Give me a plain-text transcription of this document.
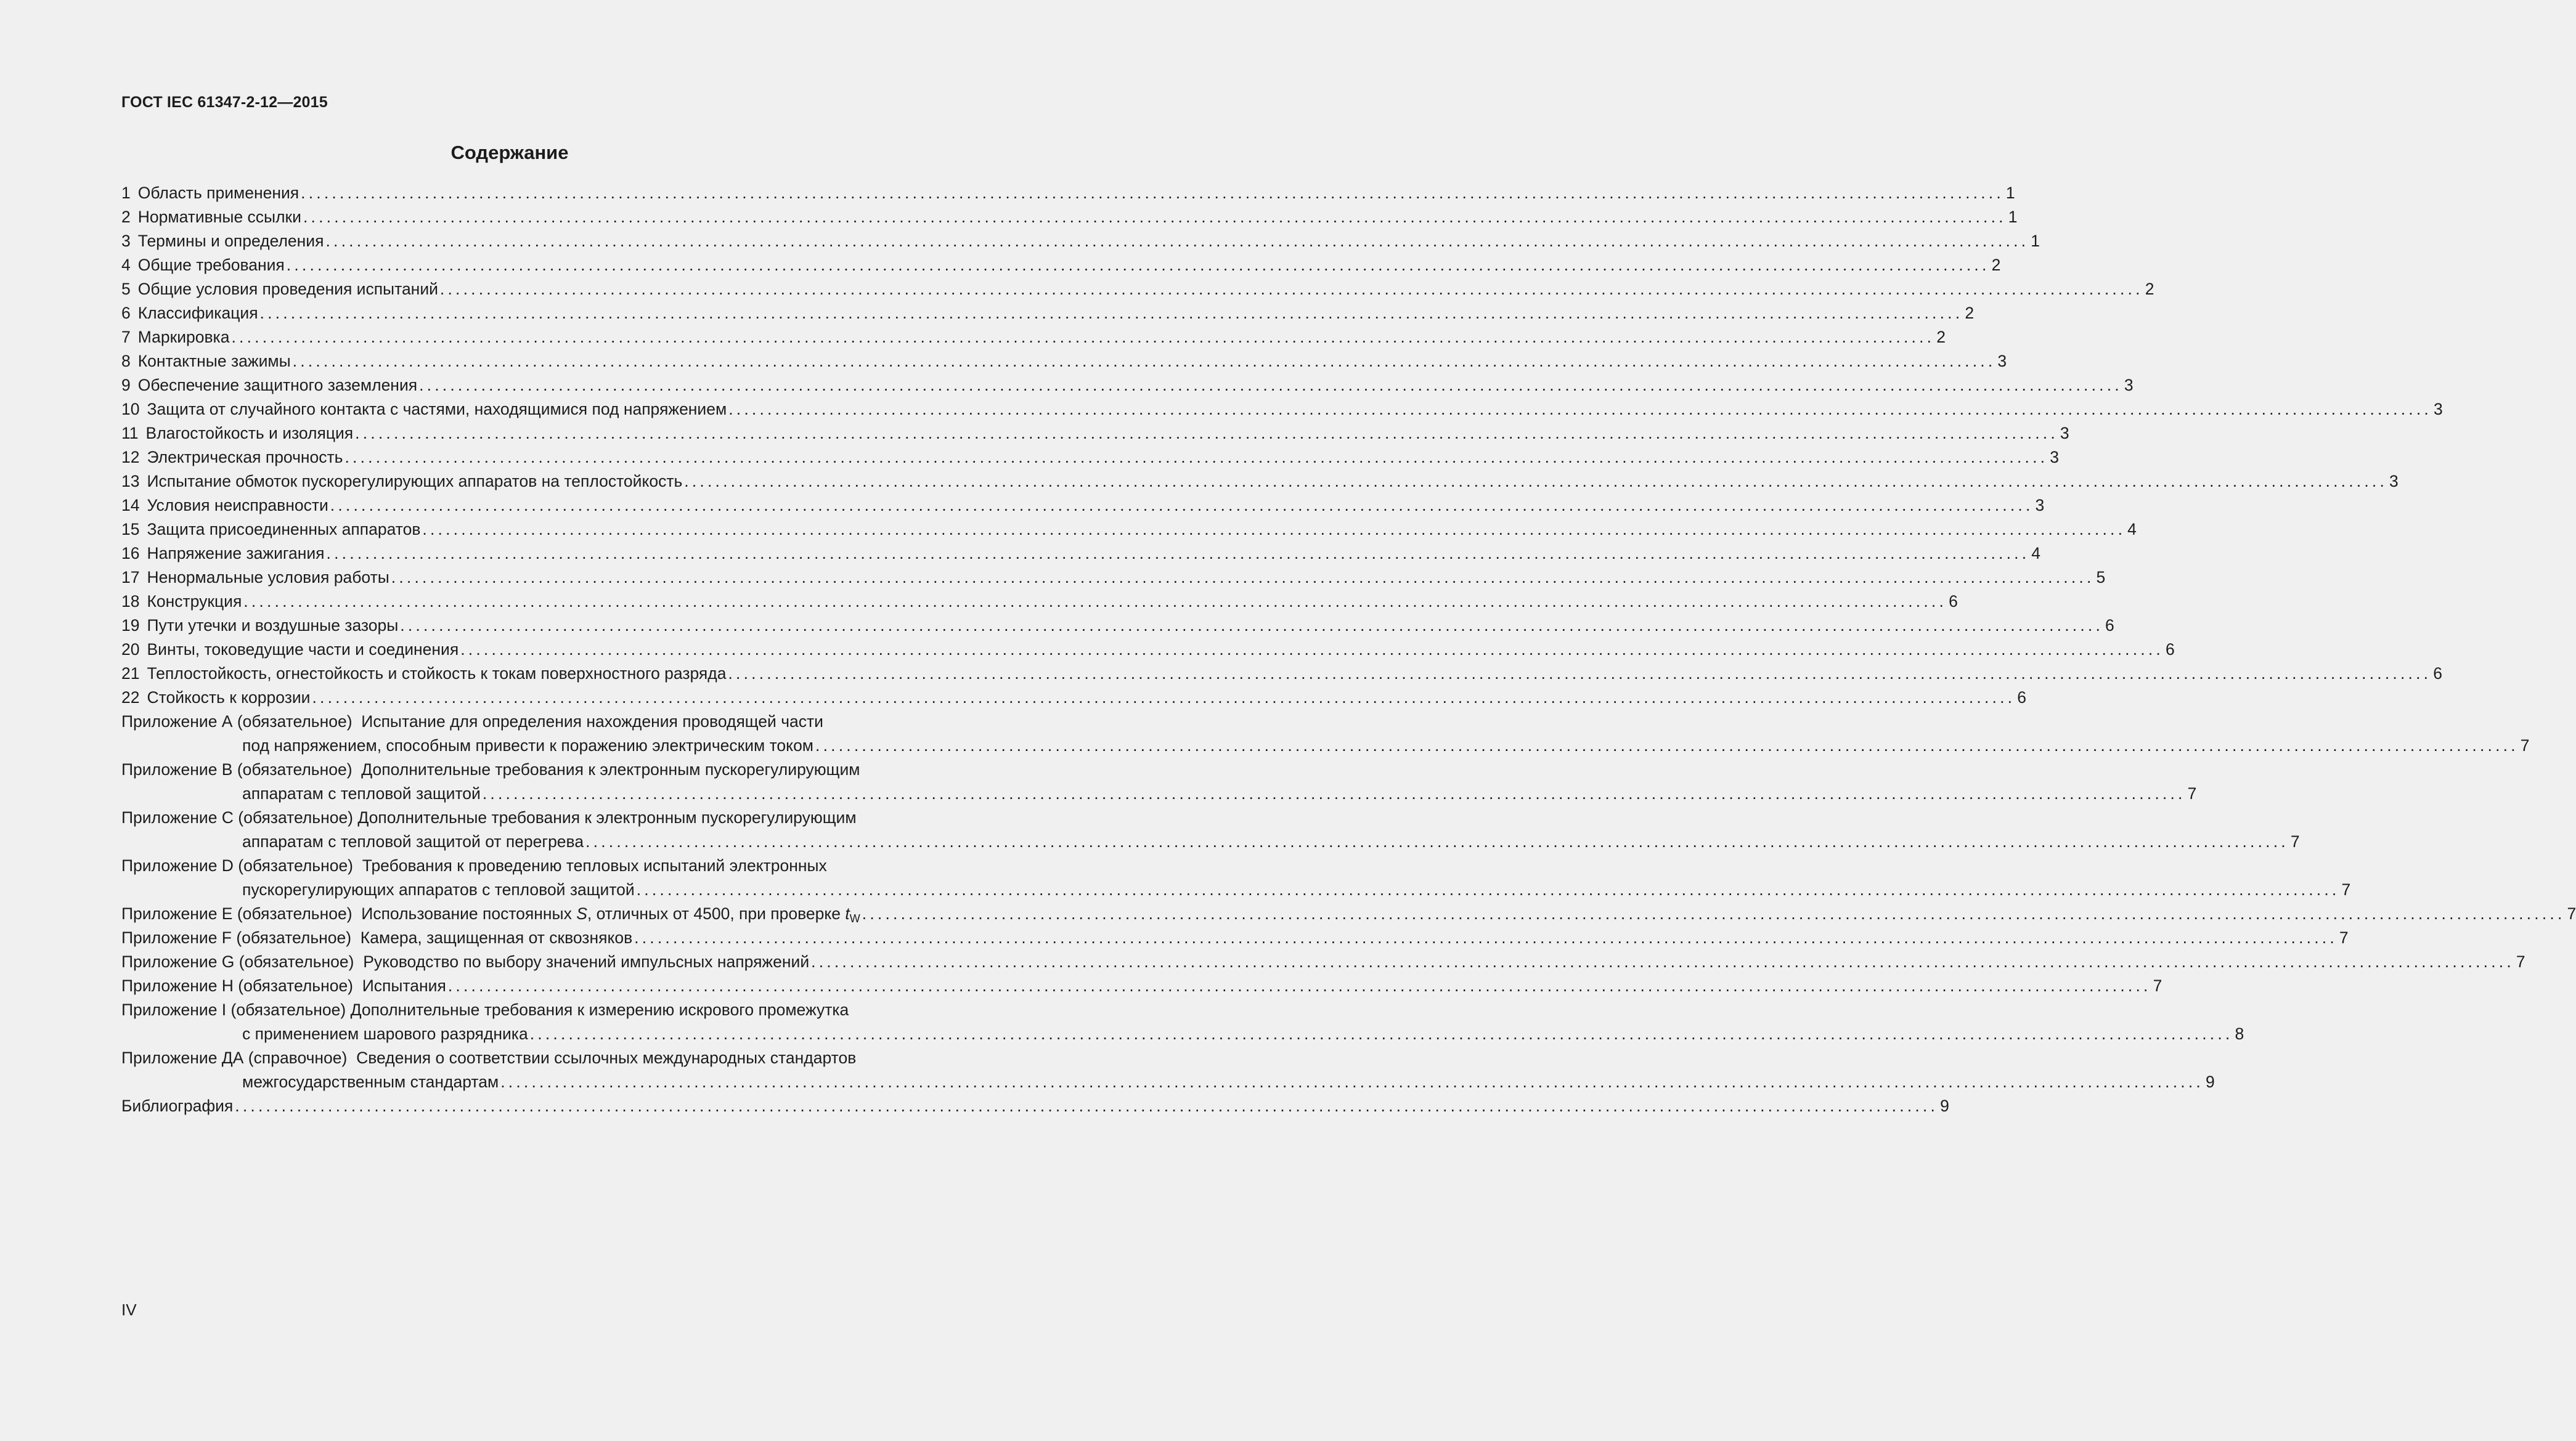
ГОСТ IEC 61347-2-12—2015
Содержание
1 Область применения ............................................................................................................................................................................................................................ 1
2 Нормативные ссылки ............................................................................................................................................................................................................................ 1
3 Термины и определения ............................................................................................................................................................................................................................ 1
4 Общие требования ............................................................................................................................................................................................................................ 2
5 Общие условия проведения испытаний ............................................................................................................................................................................................................................ 2
6 Классификация ............................................................................................................................................................................................................................ 2
7 Маркировка ............................................................................................................................................................................................................................ 2
8 Контактные зажимы ............................................................................................................................................................................................................................ 3
9 Обеспечение защитного заземления ............................................................................................................................................................................................................................ 3
10 Защита от случайного контакта с частями, находящимися под напряжением ............................................................................................................................................................................................................................ 3
11 Влагостойкость и изоляция ............................................................................................................................................................................................................................ 3
12 Электрическая прочность ............................................................................................................................................................................................................................ 3
13 Испытание обмоток пускорегулирующих аппаратов на теплостойкость ............................................................................................................................................................................................................................ 3
14 Условия неисправности ............................................................................................................................................................................................................................ 3
15 Защита присоединенных аппаратов ............................................................................................................................................................................................................................ 4
16 Напряжение зажигания ............................................................................................................................................................................................................................ 4
17 Ненормальные условия работы ............................................................................................................................................................................................................................ 5
18 Конструкция ............................................................................................................................................................................................................................ 6
19 Пути утечки и воздушные зазоры ............................................................................................................................................................................................................................ 6
20 Винты, токоведущие части и соединения ............................................................................................................................................................................................................................ 6
21 Теплостойкость, огнестойкость и стойкость к токам поверхностного разряда ............................................................................................................................................................................................................................ 6
22 Стойкость к коррозии ............................................................................................................................................................................................................................ 6
Приложение А (обязательное)
Испытание для определения нахождения проводящей части
под напряжением, способным привести к поражению электрическим током ............................................................................................................................................................................................................................ 7
Приложение В (обязательное)
Дополнительные требования к электронным пускорегулирующим
аппаратам с тепловой защитой ............................................................................................................................................................................................................................ 7
Приложение С (обязательное)
Дополнительные требования к электронным пускорегулирующим
аппаратам с тепловой защитой от перегрева ............................................................................................................................................................................................................................ 7
Приложение D (обязательное)
Требования к проведению тепловых испытаний электронных
пускорегулирующих аппаратов с тепловой защитой ............................................................................................................................................................................................................................ 7
Приложение Е (обязательное)
Использование постоянных S, отличных от 4500, при проверке $t_W$ ............................................................................................................................................................................................................................ 7
Приложение F (обязательное)
Камера, защищенная от сквозняков ............................................................................................................................................................................................................................ 7
Приложение G (обязательное)
Руководство по выбору значений импульсных напряжений ............................................................................................................................................................................................................................ 7
Приложение Н (обязательное)
Испытания ............................................................................................................................................................................................................................ 7
Приложение I (обязательное)
Дополнительные требования к измерению искрового промежутка
с применением шарового разрядника ............................................................................................................................................................................................................................ 8
Приложение ДА (справочное)
Сведения о соответствии ссылочных международных стандартов
межгосударственным стандартам ............................................................................................................................................................................................................................ 9
Библиография ............................................................................................................................................................................................................................ 9
IV
